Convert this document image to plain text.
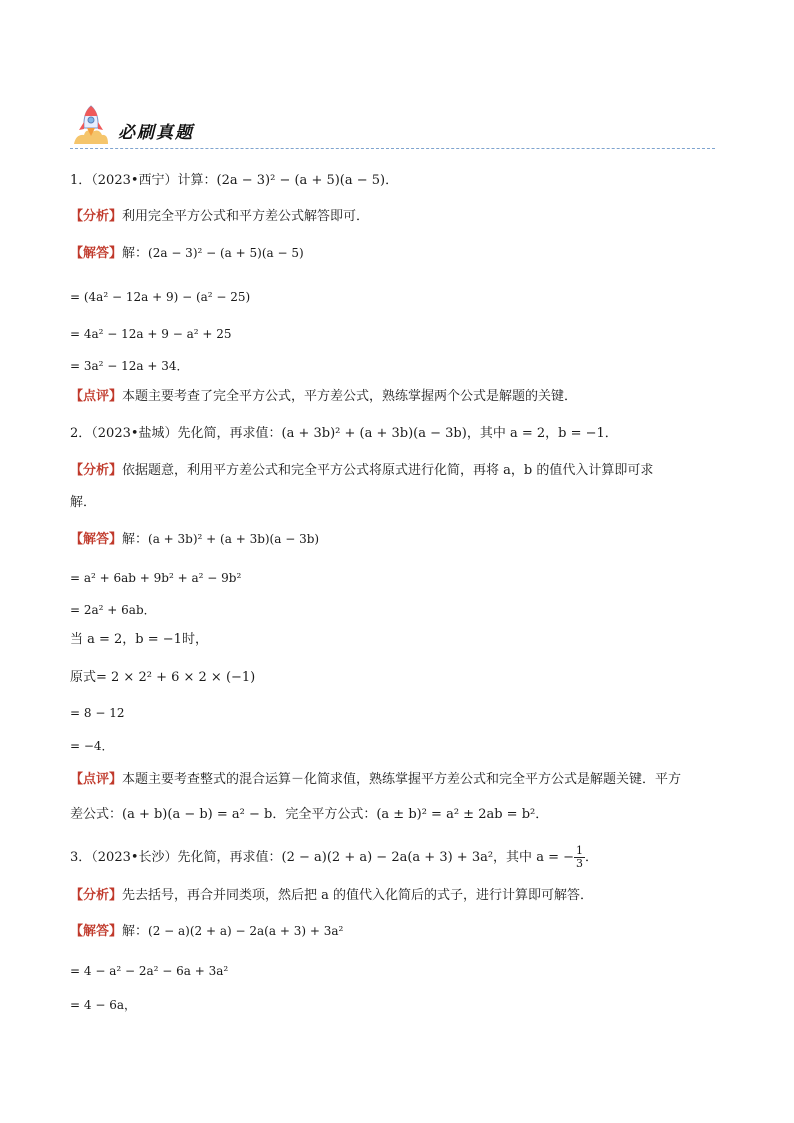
必刷真题
1．（2023•西宁）计算：(2a − 3)² − (a + 5)(a − 5)．
【分析】利用完全平方公式和平方差公式解答即可．
【解答】解：(2a − 3)² − (a + 5)(a − 5)
= (4a² − 12a + 9) − (a² − 25)
= 4a² − 12a + 9 − a² + 25
= 3a² − 12a + 34．
【点评】本题主要考查了完全平方公式，平方差公式，熟练掌握两个公式是解题的关键．
2．（2023•盐城）先化简，再求值：(a + 3b)² + (a + 3b)(a − 3b)，其中 a = 2，b = −1．
【分析】依据题意，利用平方差公式和完全平方公式将原式进行化简，再将 a，b 的值代入计算即可求
解．
【解答】解：(a + 3b)² + (a + 3b)(a − 3b)
= a² + 6ab + 9b² + a² − 9b²
= 2a² + 6ab．
当 a = 2，b = −1时，
原式= 2 × 2² + 6 × 2 × (−1)
= 8 − 12
= −4．
【点评】本题主要考查整式的混合运算－化简求值，熟练掌握平方差公式和完全平方公式是解题关键．平方
差公式：(a + b)(a − b) = a² − b．完全平方公式：(a ± b)² = a² ± 2ab = b²．
3．（2023•长沙）先化简，再求值：(2 − a)(2 + a) − 2a(a + 3) + 3a²，其中 a = − $\frac{1}{3}$ ．
【分析】先去括号，再合并同类项，然后把 a 的值代入化简后的式子，进行计算即可解答．
【解答】解：(2 − a)(2 + a) − 2a(a + 3) + 3a²
= 4 − a² − 2a² − 6a + 3a²
= 4 − 6a，
